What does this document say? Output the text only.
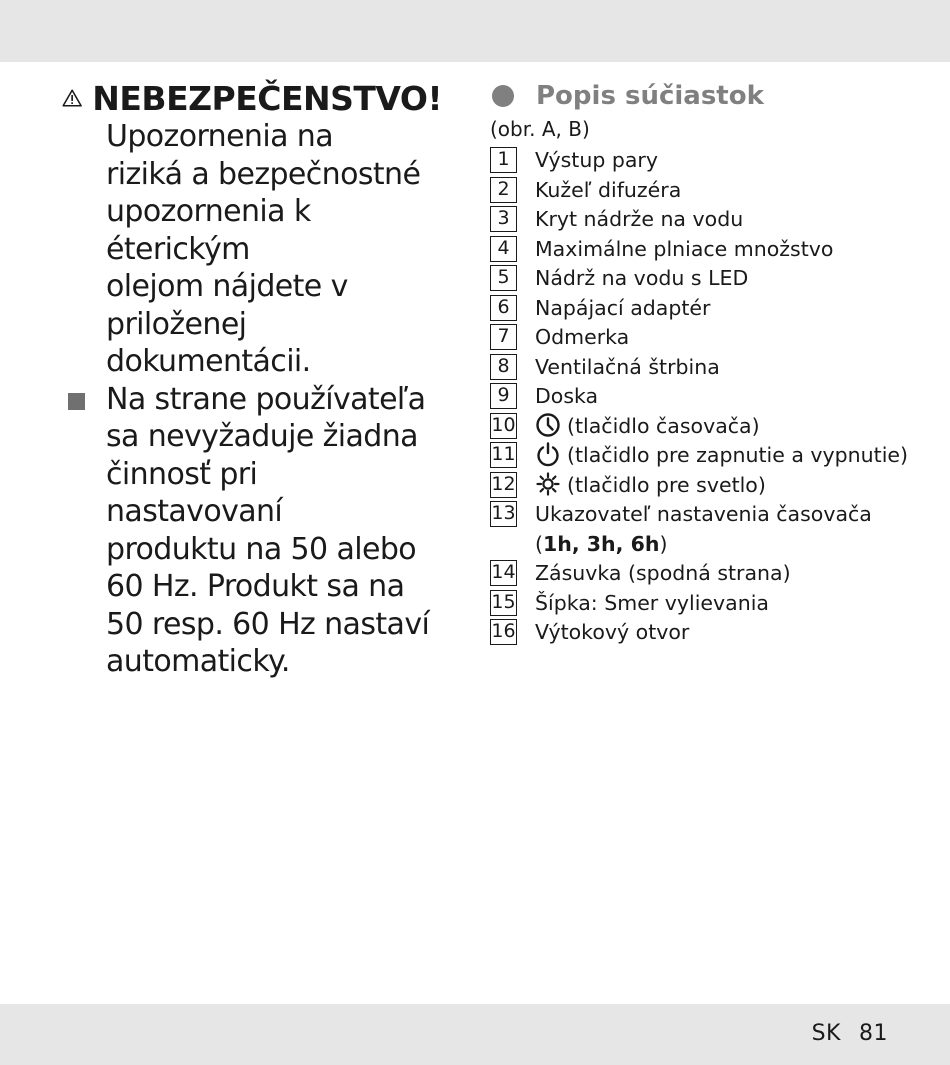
NEBEZPEČENSTVO!
Upozornenia na
riziká a bezpečnostné
upozornenia k éterickým
olejom nájdete v
priloženej dokumentácii.
Na strane používateľa
sa nevyžaduje žiadna
činnosť pri nastavovaní
produktu na 50 alebo
60 Hz. Produkt sa na
50 resp. 60 Hz nastaví
automaticky.
Popis súčiastok
(obr. A, B)
1	Výstup pary
2	Kužeľ difuzéra
3	Kryt nádrže na vodu
4	Maximálne plniace množstvo
5	Nádrž na vodu s LED
6	Napájací adaptér
7	Odmerka
8	Ventilačná štrbina
9	Doska
10	(tlačidlo časovača)
11	(tlačidlo pre zapnutie a vypnutie)
12	(tlačidlo pre svetlo)
13 Ukazovateľ nastavenia časovača
(1h, 3h, 6h)
14 Zásuvka (spodná strana)
15 Šípka: Smer vylievania
16 Výtokový otvor
SK 81
